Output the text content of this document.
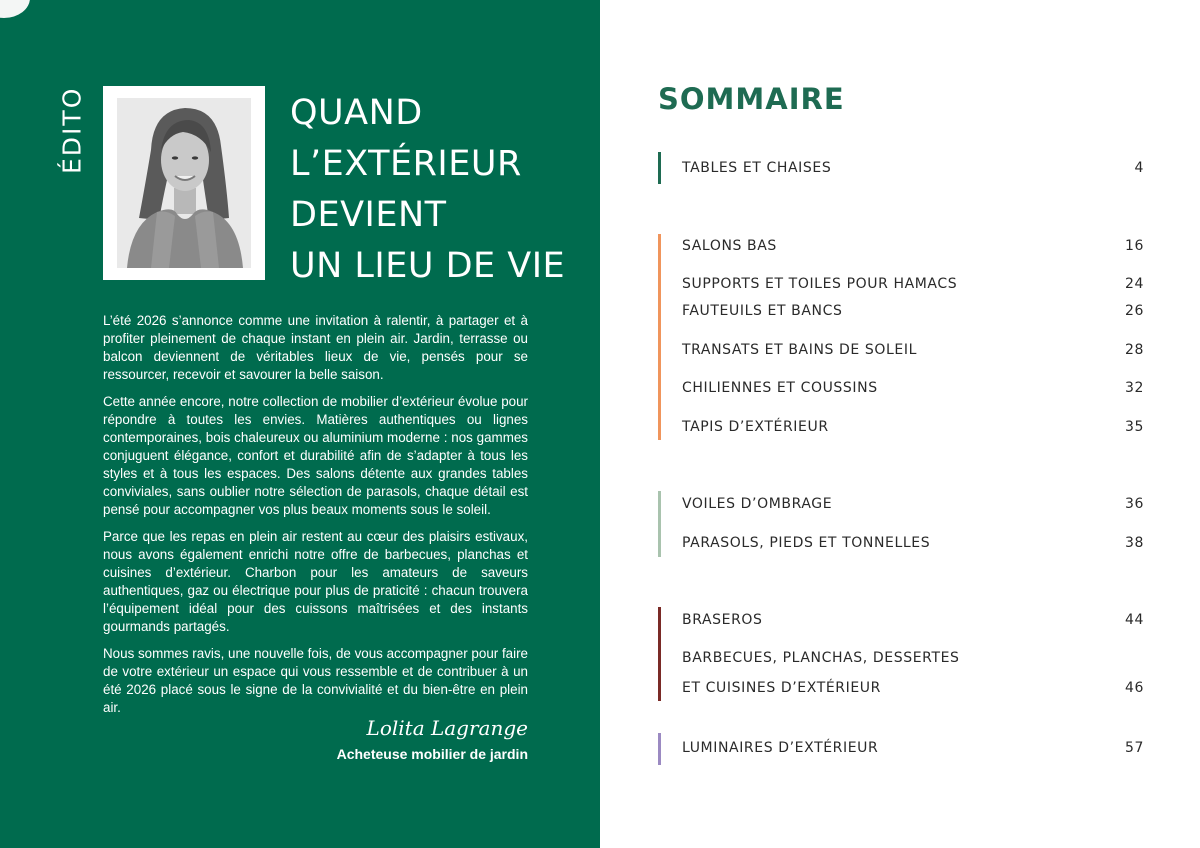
ÉDITO	QUAND
L’EXTÉRIEUR
DEVIENT
UN LIEU DE VIE

L’été 2026 s’annonce comme une invitation à ralentir, à partager et à profiter pleinement de chaque instant en plein air. Jardin, terrasse ou balcon deviennent de véritables lieux de vie, pensés pour se ressourcer, recevoir et savourer la belle saison.

Cette année encore, notre collection de mobilier d’extérieur évolue pour répondre à toutes les envies. Matières authentiques ou lignes contemporaines, bois chaleureux ou aluminium moderne : nos gammes conjuguent élégance, confort et durabilité afin de s’adapter à tous les styles et à tous les espaces. Des salons détente aux grandes tables conviviales, sans oublier notre sélection de parasols, chaque détail est pensé pour accompagner vos plus beaux moments sous le soleil.

Parce que les repas en plein air restent au cœur des plaisirs estivaux, nous avons également enrichi notre offre de barbecues, planchas et cuisines d’extérieur. Charbon pour les amateurs de saveurs authentiques, gaz ou électrique pour plus de praticité : chacun trouvera l’équipement idéal pour des cuissons maîtrisées et des instants gourmands partagés.

Nous sommes ravis, une nouvelle fois, de vous accompagner pour faire de votre extérieur un espace qui vous ressemble et de contribuer à un été 2026 placé sous le signe de la convivialité et du bien-être en plein air.

Lolita Lagrange
Acheteuse mobilier de jardin
SOMMAIRE
TABLES ET CHAISES	4
SALONS BAS	16
SUPPORTS ET TOILES POUR HAMACS	24
FAUTEUILS ET BANCS	26
TRANSATS ET BAINS DE SOLEIL	28
CHILIENNES ET COUSSINS	32
TAPIS D’EXTÉRIEUR	35
VOILES D’OMBRAGE	36
PARASOLS, PIEDS ET TONNELLES	38
BRASEROS	44
BARBECUES, PLANCHAS, DESSERTES
ET CUISINES D’EXTÉRIEUR	46
LUMINAIRES D’EXTÉRIEUR	57
